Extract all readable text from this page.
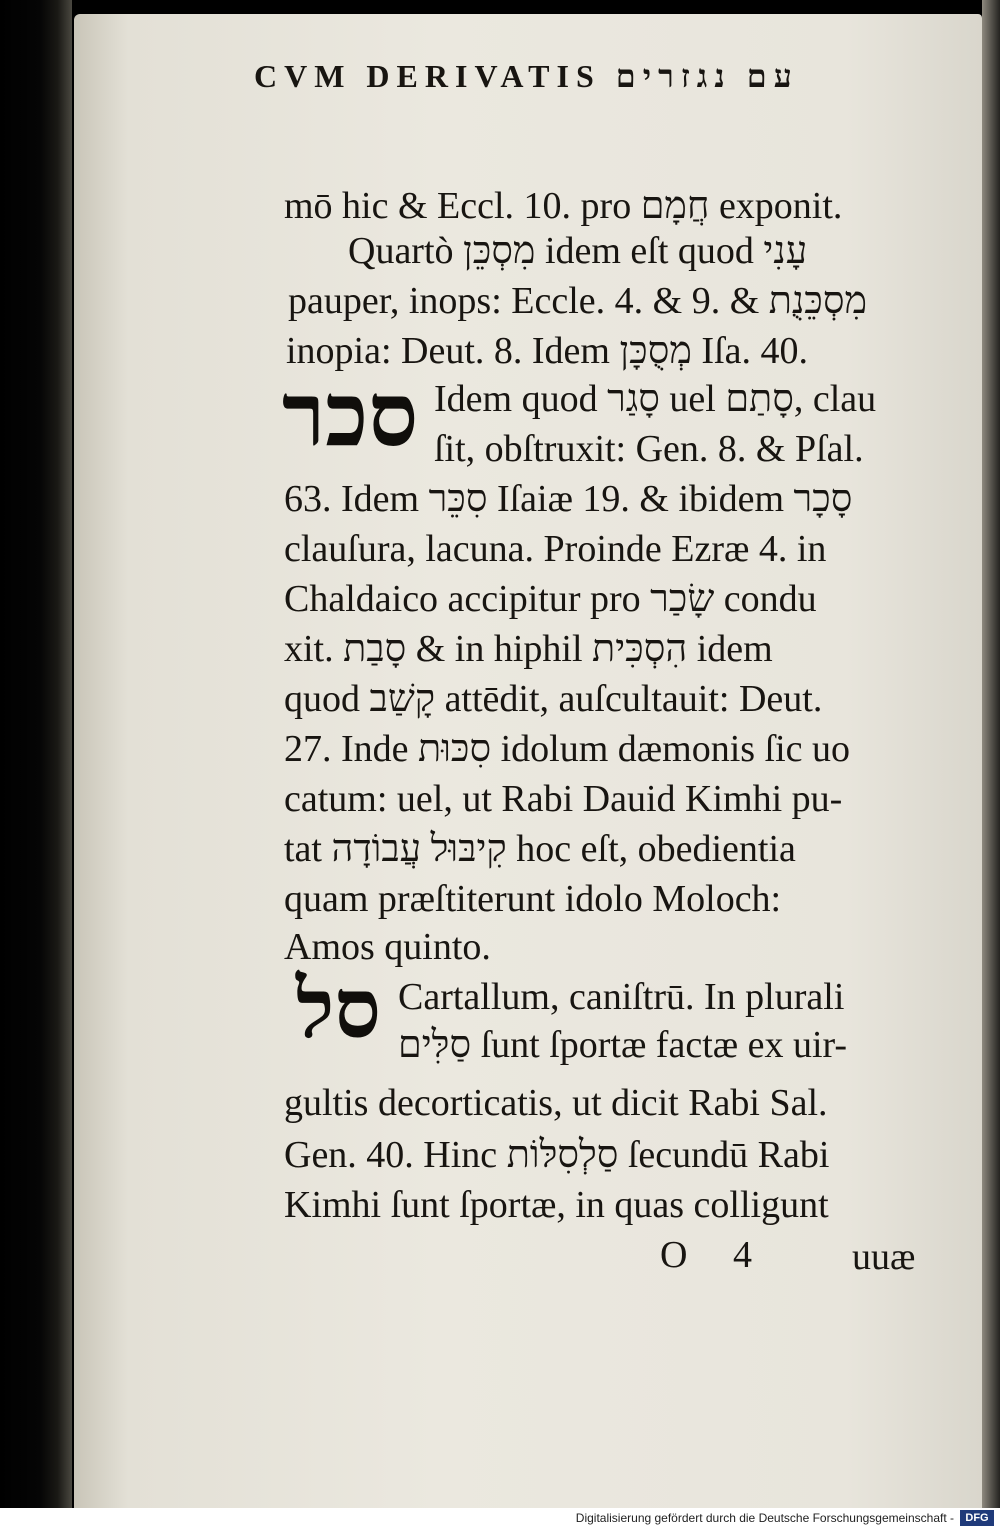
CVM DERIVATIS עם נגזרים

mō hic & Eccl. 10. pro חֲמָם exponit.

Quartò מִסְכֵּן idem eſt quod עָנִי

pauper, inops: Eccle. 4. & 9. & מִסְכֵּנֻת

inopia: Deut. 8. Idem מְסֻכָּן Iſa. 40.

סכר Idem quod סָגַר uel סָתַם, clau

ſit, obſtruxit: Gen. 8. & Pſal.

63. Idem סִכֵּר Iſaiæ 19. & ibidem סָכָר

clauſura, lacuna. Proinde Ezræ 4. in

Chaldaico accipitur pro שָׂכַר condu

xit. סָבַת & in hiphil הִסְכִּית idem

quod קָשַׁב attēdit, auſcultauit: Deut.

27. Inde סִכּוּת idolum dæmonis ſic uo

catum: uel, ut Rabi Dauid Kimhi pu-

tat קִיבּוּל עֲבוֹדָה hoc eſt, obedientia

quam præſtiterunt idolo Moloch:

Amos quinto.

סל Cartallum, caniſtrū. In plurali

סַלִּים ſunt ſportæ factæ ex uir-

gultis decorticatis, ut dicit Rabi Sal.

Gen. 40. Hinc סַלְסִלּוֹת ſecundū Rabi

Kimhi ſunt ſportæ, in quas colligunt

O 4 uuæ

Digitalisierung gefördert durch die Deutsche Forschungsgemeinschaft -	DFG
